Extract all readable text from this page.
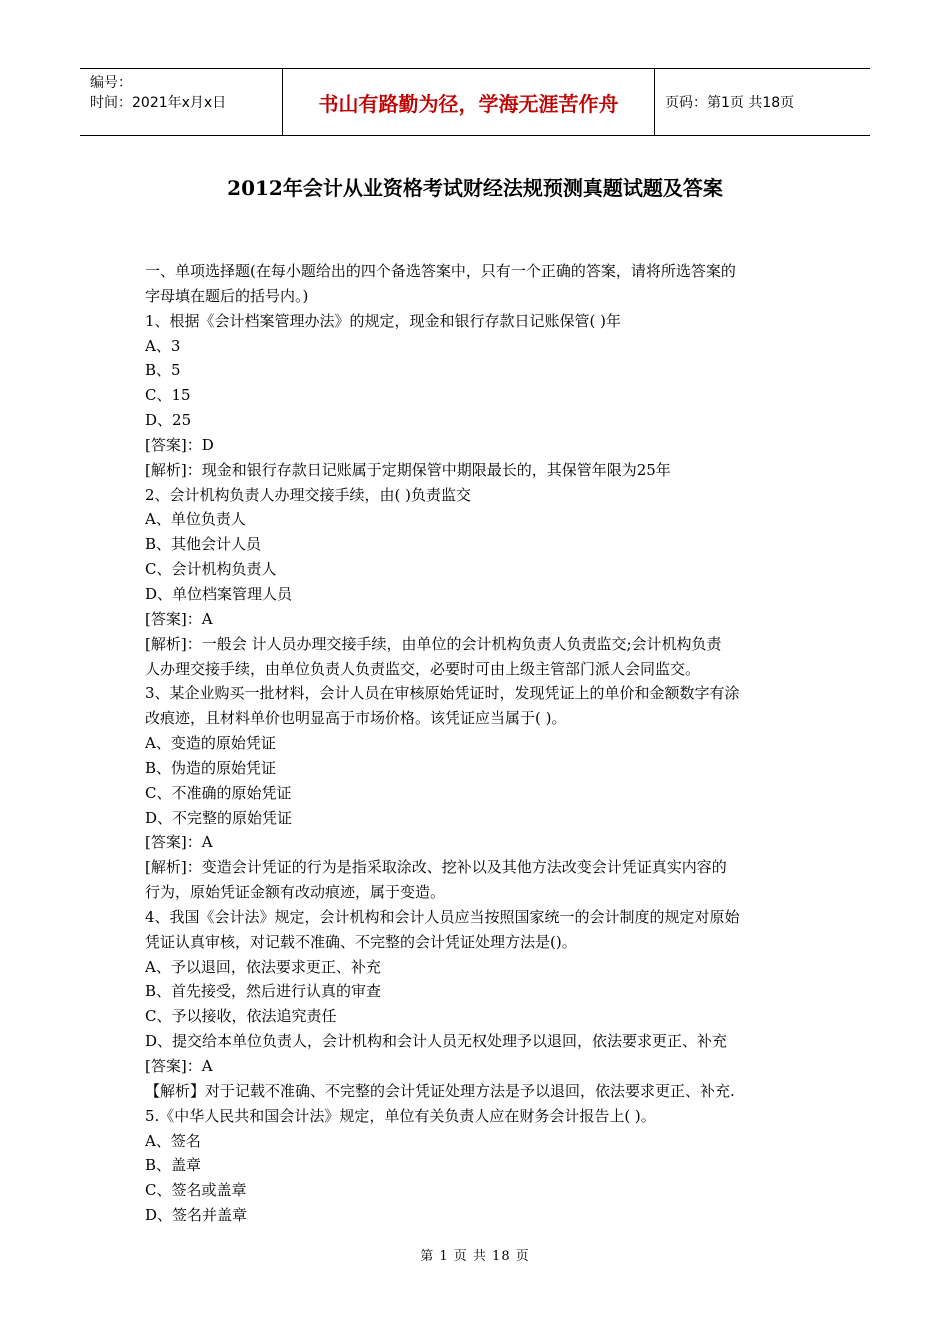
编号：
时间：2021年x月x日	书山有路勤为径，学海无涯苦作舟	页码：第1页 共18页
2012年会计从业资格考试财经法规预测真题试题及答案
一、单项选择题(在每小题给出的四个备选答案中，只有一个正确的答案，请将所选答案的
字母填在题后的括号内。)
1、根据《会计档案管理办法》的规定，现金和银行存款日记账保管( )年
A、3
B、5
C、15
D、25
[答案]：D
[解析]：现金和银行存款日记账属于定期保管中期限最长的，其保管年限为25年
2、会计机构负责人办理交接手续，由( )负责监交
A、单位负责人
B、其他会计人员
C、会计机构负责人
D、单位档案管理人员
[答案]：A
[解析]：一般会 计人员办理交接手续，由单位的会计机构负责人负责监交;会计机构负责
人办理交接手续，由单位负责人负责监交，必要时可由上级主管部门派人会同监交。
3、某企业购买一批材料，会计人员在审核原始凭证时，发现凭证上的单价和金额数字有涂
改痕迹，且材料单价也明显高于市场价格。该凭证应当属于( )。
A、变造的原始凭证
B、伪造的原始凭证
C、不准确的原始凭证
D、不完整的原始凭证
[答案]：A
[解析]：变造会计凭证的行为是指采取涂改、挖补以及其他方法改变会计凭证真实内容的
行为，原始凭证金额有改动痕迹，属于变造。
4、我国《会计法》规定，会计机构和会计人员应当按照国家统一的会计制度的规定对原始
凭证认真审核，对记载不准确、不完整的会计凭证处理方法是()。
A、予以退回，依法要求更正、补充
B、首先接受，然后进行认真的审查
C、予以接收，依法追究责任
D、提交给本单位负责人，会计机构和会计人员无权处理予以退回，依法要求更正、补充
[答案]：A
【解析】对于记载不准确、不完整的会计凭证处理方法是予以退回，依法要求更正、补充.
5.《中华人民共和国会计法》规定，单位有关负责人应在财务会计报告上( )。
A、签名
B、盖章
C、签名或盖章
D、签名并盖章
第 1 页 共 18 页
